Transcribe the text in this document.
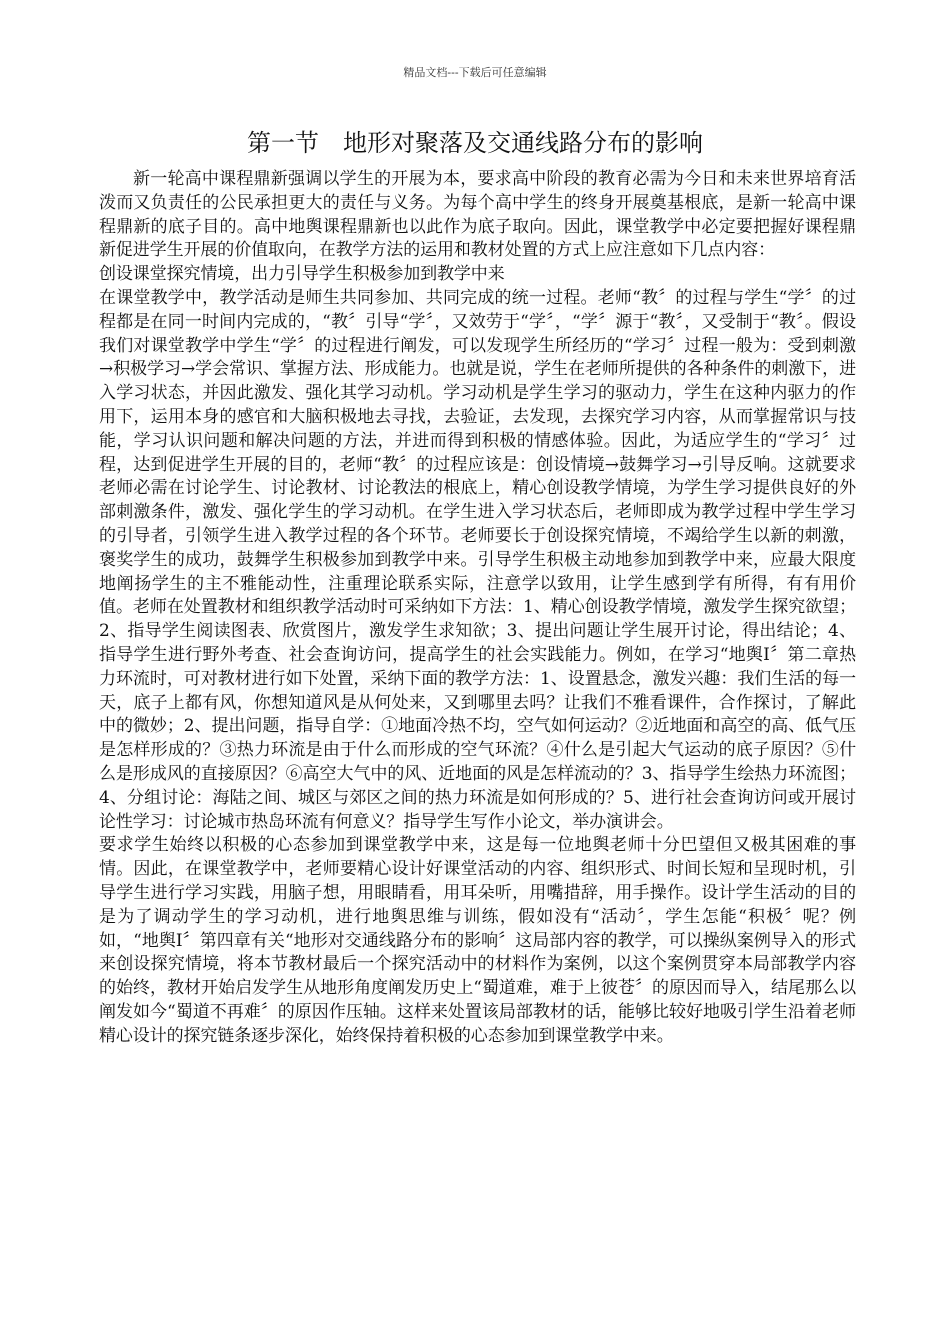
精品文档---下载后可任意编辑
第一节　地形对聚落及交通线路分布的影响

新一轮高中课程鼎新强调以学生的开展为本，要求高中阶段的教育必需为今日和未来世界培育活泼而又负责任的公民承担更大的责任与义务。为每个高中学生的终身开展奠基根底，是新一轮高中课程鼎新的底子目的。高中地舆课程鼎新也以此作为底子取向。因此，课堂教学中必定要把握好课程鼎新促进学生开展的价值取向，在教学方法的运用和教材处置的方式上应注意如下几点内容：

创设课堂探究情境，出力引导学生积极参加到教学中来

在课堂教学中，教学活动是师生共同参加、共同完成的统一过程。老师“教〞的过程与学生“学〞的过程都是在同一时间内完成的，“教〞引导“学〞，又效劳于“学〞，“学〞源于“教〞，又受制于“教〞。假设我们对课堂教学中学生“学〞的过程进行阐发，可以发现学生所经历的“学习〞过程一般为：受到刺激→积极学习→学会常识、掌握方法、形成能力。也就是说，学生在老师所提供的各种条件的刺激下，进入学习状态，并因此激发、强化其学习动机。学习动机是学生学习的驱动力，学生在这种内驱力的作用下，运用本身的感官和大脑积极地去寻找，去验证，去发现，去探究学习内容，从而掌握常识与技能，学习认识问题和解决问题的方法，并进而得到积极的情感体验。因此，为适应学生的“学习〞过程，达到促进学生开展的目的，老师“教〞的过程应该是：创设情境→鼓舞学习→引导反响。这就要求老师必需在讨论学生、讨论教材、讨论教法的根底上，精心创设教学情境，为学生学习提供良好的外部刺激条件，激发、强化学生的学习动机。在学生进入学习状态后，老师即成为教学过程中学生学习的引导者，引领学生进入教学过程的各个环节。老师要长于创设探究情境，不竭给学生以新的刺激，褒奖学生的成功，鼓舞学生积极参加到教学中来。引导学生积极主动地参加到教学中来，应最大限度地阐扬学生的主不雅能动性，注重理论联系实际，注意学以致用，让学生感到学有所得，有有用价值。老师在处置教材和组织教学活动时可采纳如下方法：1、精心创设教学情境，激发学生探究欲望；2、指导学生阅读图表、欣赏图片，激发学生求知欲；3、提出问题让学生展开讨论，得出结论；4、指导学生进行野外考查、社会查询访问，提高学生的社会实践能力。例如，在学习“地舆Ⅰ〞第二章热力环流时，可对教材进行如下处置，采纳下面的教学方法：1、设置悬念，激发兴趣：我们生活的每一天，底子上都有风，你想知道风是从何处来，又到哪里去吗？让我们不雅看课件，合作探讨，了解此中的微妙；2、提出问题，指导自学：①地面冷热不均，空气如何运动？②近地面和高空的高、低气压是怎样形成的？③热力环流是由于什么而形成的空气环流？④什么是引起大气运动的底子原因？⑤什么是形成风的直接原因？⑥高空大气中的风、近地面的风是怎样流动的？3、指导学生绘热力环流图；4、分组讨论：海陆之间、城区与郊区之间的热力环流是如何形成的？5、进行社会查询访问或开展讨论性学习：讨论城市热岛环流有何意义？指导学生写作小论文，举办演讲会。

要求学生始终以积极的心态参加到课堂教学中来，这是每一位地舆老师十分巴望但又极其困难的事情。因此，在课堂教学中，老师要精心设计好课堂活动的内容、组织形式、时间长短和呈现时机，引导学生进行学习实践，用脑子想，用眼睛看，用耳朵听，用嘴措辞，用手操作。设计学生活动的目的是为了调动学生的学习动机，进行地舆思维与训练，假如没有“活动〞，学生怎能“积极〞呢？例如，“地舆Ⅰ〞第四章有关“地形对交通线路分布的影响〞这局部内容的教学，可以操纵案例导入的形式来创设探究情境，将本节教材最后一个探究活动中的材料作为案例，以这个案例贯穿本局部教学内容的始终，教材开始启发学生从地形角度阐发历史上“蜀道难，难于上彼苍〞的原因而导入，结尾那么以阐发如今“蜀道不再难〞的原因作压轴。这样来处置该局部教材的话，能够比较好地吸引学生沿着老师精心设计的探究链条逐步深化，始终保持着积极的心态参加到课堂教学中来。
